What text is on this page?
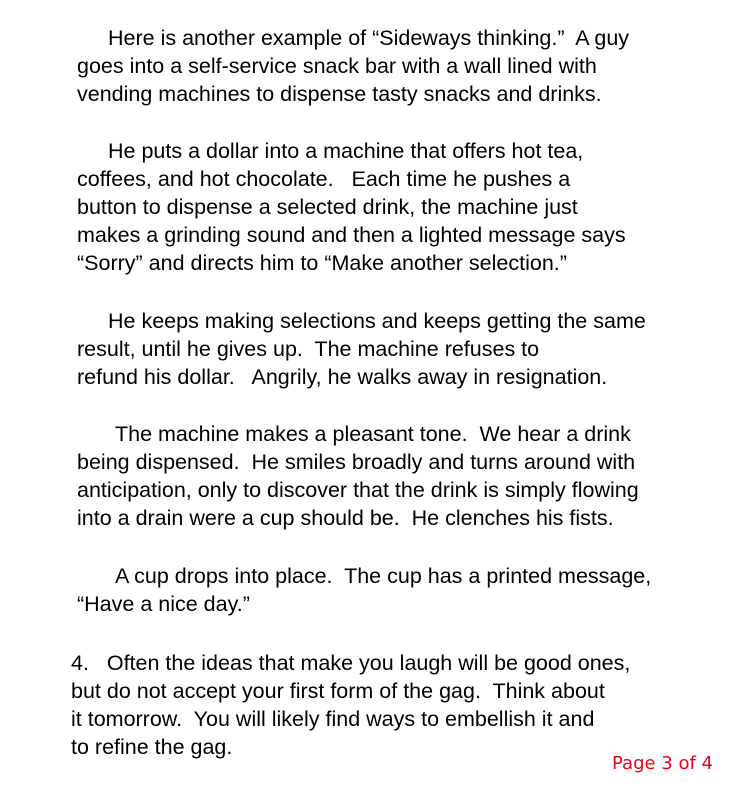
Here is another example of “Sideways thinking.”  A guy
goes into a self-service snack bar with a wall lined with
vending machines to dispense tasty snacks and drinks.
He puts a dollar into a machine that offers hot tea,
coffees, and hot chocolate.   Each time he pushes a
button to dispense a selected drink, the machine just
makes a grinding sound and then a lighted message says
“Sorry” and directs him to “Make another selection.”
He keeps making selections and keeps getting the same
result, until he gives up.  The machine refuses to
refund his dollar.   Angrily, he walks away in resignation.
The machine makes a pleasant tone.  We hear a drink
being dispensed.  He smiles broadly and turns around with
anticipation, only to discover that the drink is simply flowing
into a drain were a cup should be.  He clenches his fists.
A cup drops into place.  The cup has a printed message,
“Have a nice day.”
4.   Often the ideas that make you laugh will be good ones,
but do not accept your first form of the gag.  Think about
it tomorrow.  You will likely find ways to embellish it and
to refine the gag.
Page 3 of 4
